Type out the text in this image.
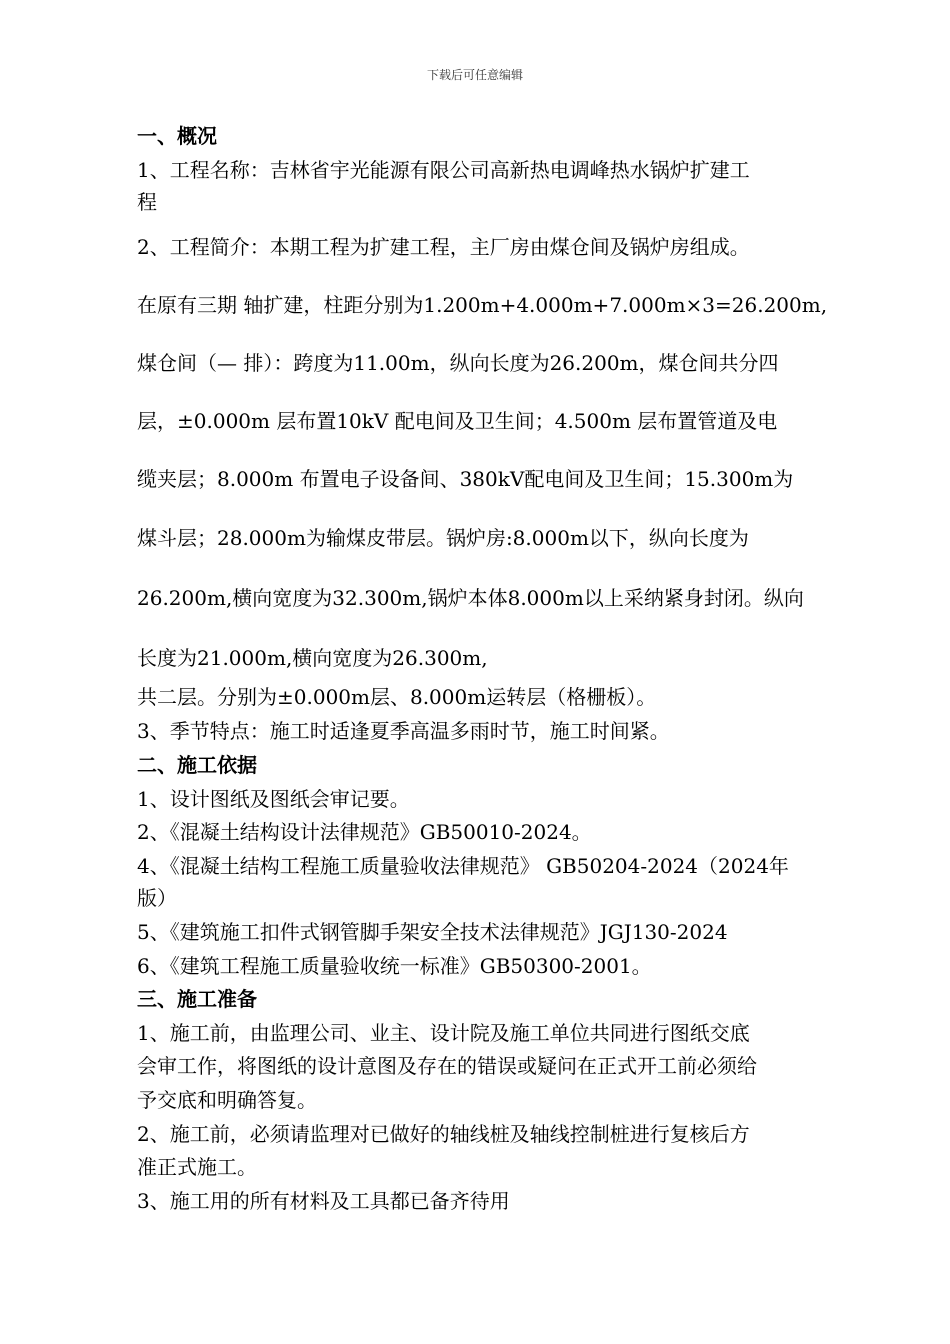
下载后可任意编辑
一、概况
1、工程名称：吉林省宇光能源有限公司高新热电调峰热水锅炉扩建工
程
2、工程简介：本期工程为扩建工程，主厂房由煤仓间及锅炉房组成。
在原有三期 轴扩建，柱距分别为1.200m+4.000m+7.000m×3=26.200m,
煤仓间（— 排）：跨度为11.00m，纵向长度为26.200m，煤仓间共分四
层，±0.000m 层布置10kV 配电间及卫生间；4.500m 层布置管道及电
缆夹层；8.000m 布置电子设备间、380kV配电间及卫生间；15.300m为
煤斗层；28.000m为输煤皮带层。锅炉房:8.000m以下，纵向长度为
26.200m,横向宽度为32.300m,锅炉本体8.000m以上采纳紧身封闭。纵向
长度为21.000m,横向宽度为26.300m,
共二层。分别为±0.000m层、8.000m运转层（格栅板）。
3、季节特点：施工时适逢夏季高温多雨时节，施工时间紧。
二、施工依据
1、设计图纸及图纸会审记要。
2、《混凝土结构设计法律规范》GB50010-2024。
4、《混凝土结构工程施工质量验收法律规范》 GB50204-2024（2024年
版）
5、《建筑施工扣件式钢管脚手架安全技术法律规范》JGJ130-2024
6、《建筑工程施工质量验收统一标准》GB50300-2001。
三、施工准备
1、施工前，由监理公司、业主、设计院及施工单位共同进行图纸交底
会审工作，将图纸的设计意图及存在的错误或疑问在正式开工前必须给
予交底和明确答复。
2、施工前，必须请监理对已做好的轴线桩及轴线控制桩进行复核后方
准正式施工。
3、施工用的所有材料及工具都已备齐待用
